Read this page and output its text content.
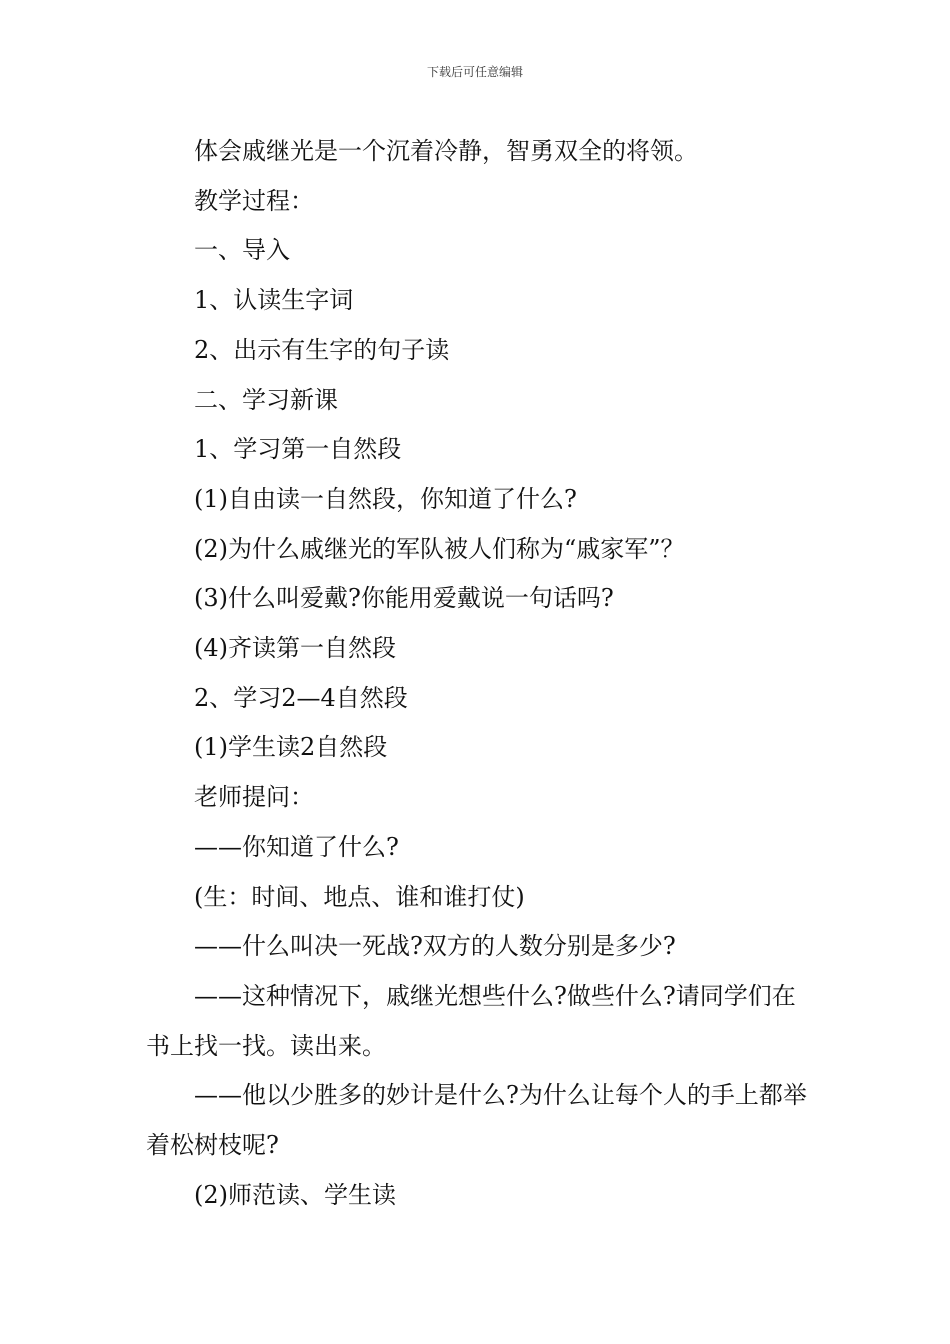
下载后可任意编辑

体会戚继光是一个沉着冷静，智勇双全的将领。

教学过程：

一、导入

1、认读生字词

2、出示有生字的句子读

二、学习新课

1、学习第一自然段

(1)自由读一自然段，你知道了什么?

(2)为什么戚继光的军队被人们称为“戚家军”？

(3)什么叫爱戴?你能用爱戴说一句话吗?

(4)齐读第一自然段

2、学习2—4自然段

(1)学生读2自然段

老师提问：

——你知道了什么?

(生：时间、地点、谁和谁打仗)

——什么叫决一死战?双方的人数分别是多少?

——这种情况下，戚继光想些什么?做些什么?请同学们在书上找一找。读出来。

——他以少胜多的妙计是什么?为什么让每个人的手上都举着松树枝呢?

(2)师范读、学生读
